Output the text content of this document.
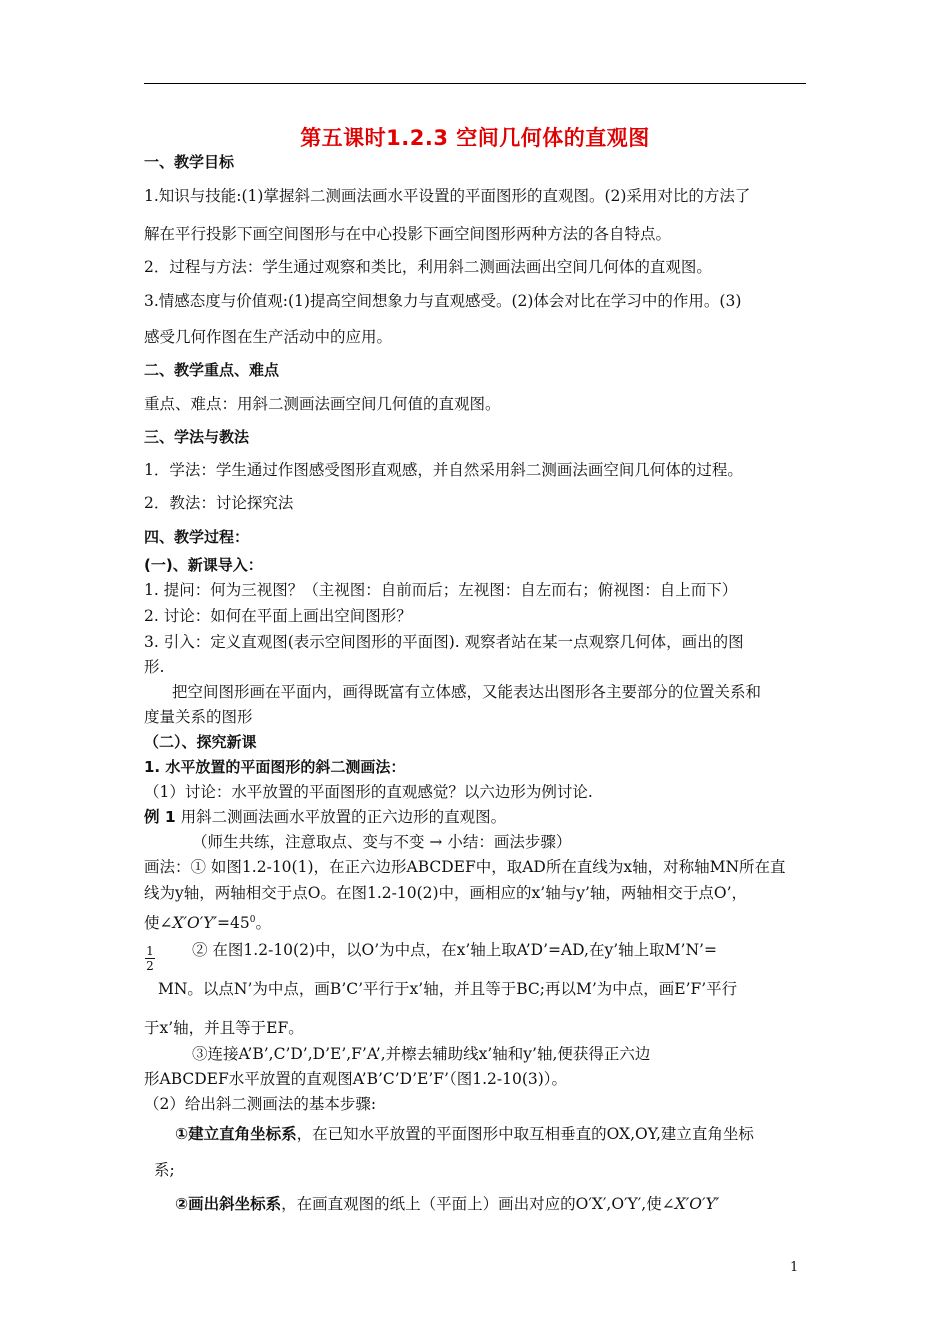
第五课时1.2.3 空间几何体的直观图
一、教学目标
1.知识与技能:(1)掌握斜二测画法画水平设置的平面图形的直观图。(2)采用对比的方法了
解在平行投影下画空间图形与在中心投影下画空间图形两种方法的各自特点。
2．过程与方法：学生通过观察和类比，利用斜二测画法画出空间几何体的直观图。
3.情感态度与价值观:(1)提高空间想象力与直观感受。(2)体会对比在学习中的作用。(3)
感受几何作图在生产活动中的应用。
二、教学重点、难点
重点、难点：用斜二测画法画空间几何值的直观图。
三、学法与教法
1．学法：学生通过作图感受图形直观感，并自然采用斜二测画法画空间几何体的过程。
2．教法：讨论探究法
四、教学过程：
(一)、新课导入：
1. 提问：何为三视图？（主视图：自前而后；左视图：自左而右；俯视图：自上而下）
2. 讨论：如何在平面上画出空间图形？
3. 引入：定义直观图(表示空间图形的平面图). 观察者站在某一点观察几何体，画出的图
形.
把空间图形画在平面内，画得既富有立体感，又能表达出图形各主要部分的位置关系和
度量关系的图形
（二）、探究新课
1. 水平放置的平面图形的斜二测画法：
（1）讨论：水平放置的平面图形的直观感觉？以六边形为例讨论.
例 1 用斜二测画法画水平放置的正六边形的直观图。
（师生共练，注意取点、变与不变 → 小结：画法步骤）
画法：① 如图1.2-10(1)，在正六边形ABCDEF中，取AD所在直线为x轴，对称轴MN所在直
线为y轴，两轴相交于点O。在图1.2-10(2)中，画相应的x’轴与y’轴，两轴相交于点O’，
使$\angle X'O'Y'=45^0$。
② 在图1.2-10(2)中，以O’为中点，在x’轴上取A’D’=AD,在y’轴上取M’N’=
1
2
MN。以点N’为中点，画B’C’平行于x’轴，并且等于BC;再以M’为中点，画E’F’平行
于x’轴，并且等于EF。
③连接A’B’,C’D’,D’E’,F’A’,并檫去辅助线x’轴和y’轴,便获得正六边
形ABCDEF水平放置的直观图A’B’C’D’E’F’（图1.2-10(3)）。
（2）给出斜二测画法的基本步骤:
①建立直角坐标系，在已知水平放置的平面图形中取互相垂直的OX,OY,建立直角坐标
系;
②画出斜坐标系，在画直观图的纸上（平面上）画出对应的O′X′,O′Y′,使∠X′O′Y′
1
